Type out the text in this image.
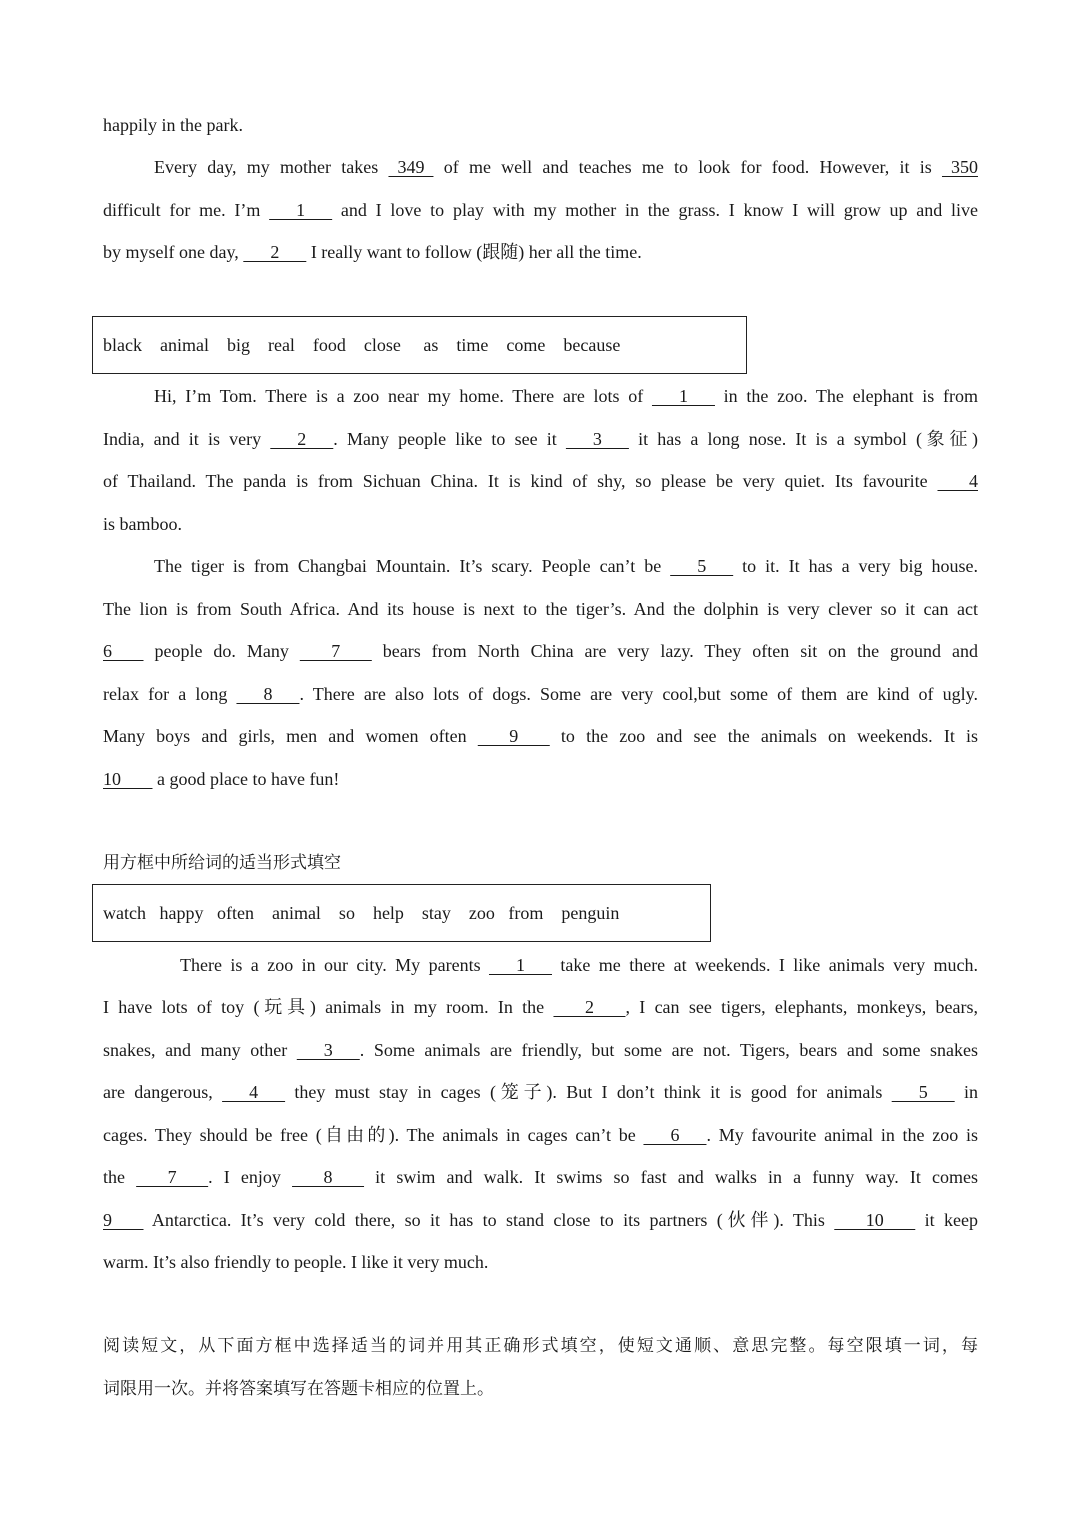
happily in the park.
Every day, my mother takes   349   of me well and teaches me to look for food. However, it is   350
difficult for me. I’m       1       and I love to play with my mother in the grass. I know I will grow up and live
by myself one day,       2       I really want to follow (跟随) her all the time.
black    animal    big    real    food    close     as    time    come    because
Hi, I’m Tom. There is a zoo near my home. There are lots of       1       in the zoo. The elephant is from
India, and it is very       2      . Many people like to see it       3       it has a long nose. It is a symbol (象征)
of Thailand. The panda is from Sichuan China. It is kind of shy, so please be very quiet. Its favourite        4
is bamboo.
The tiger is from Changbai Mountain. It’s scary. People can’t be       5       to it. It has a very big house.
The lion is from South Africa. And its house is next to the tiger’s. And the dolphin is very clever so it can act
6        people do. Many        7        bears from North China are very lazy. They often sit on the ground and
relax for a long       8      . There are also lots of dogs. Some are very cool,but some of them are kind of ugly.
Many boys and girls, men and women often        9        to the zoo and see the animals on weekends. It is
10        a good place to have fun!
用方框中所给词的适当形式填空
watch   happy   often    animal    so    help    stay    zoo   from    penguin
There is a zoo in our city. My parents       1       take me there at weekends. I like animals very much.
I have lots of toy (玩具) animals in my room. In the        2       , I can see tigers, elephants, monkeys, bears,
snakes, and many other       3      . Some animals are friendly, but some are not. Tigers, bears and some snakes
are dangerous,       4       they must stay in cages (笼子). But I don’t think it is good for animals       5       in
cages. They should be free (自由的). The animals in cages can’t be       6      . My favourite animal in the zoo is
the        7       . I enjoy        8        it swim and walk. It swims so fast and walks in a funny way. It comes
9        Antarctica. It’s very cold there, so it has to stand close to its partners (伙伴). This        10        it keep
warm. It’s also friendly to people. I like it very much.
阅读短文，从下面方框中选择适当的词并用其正确形式填空，使短文通顺、意思完整。每空限填一词，每
词限用一次。并将答案填写在答题卡相应的位置上。
